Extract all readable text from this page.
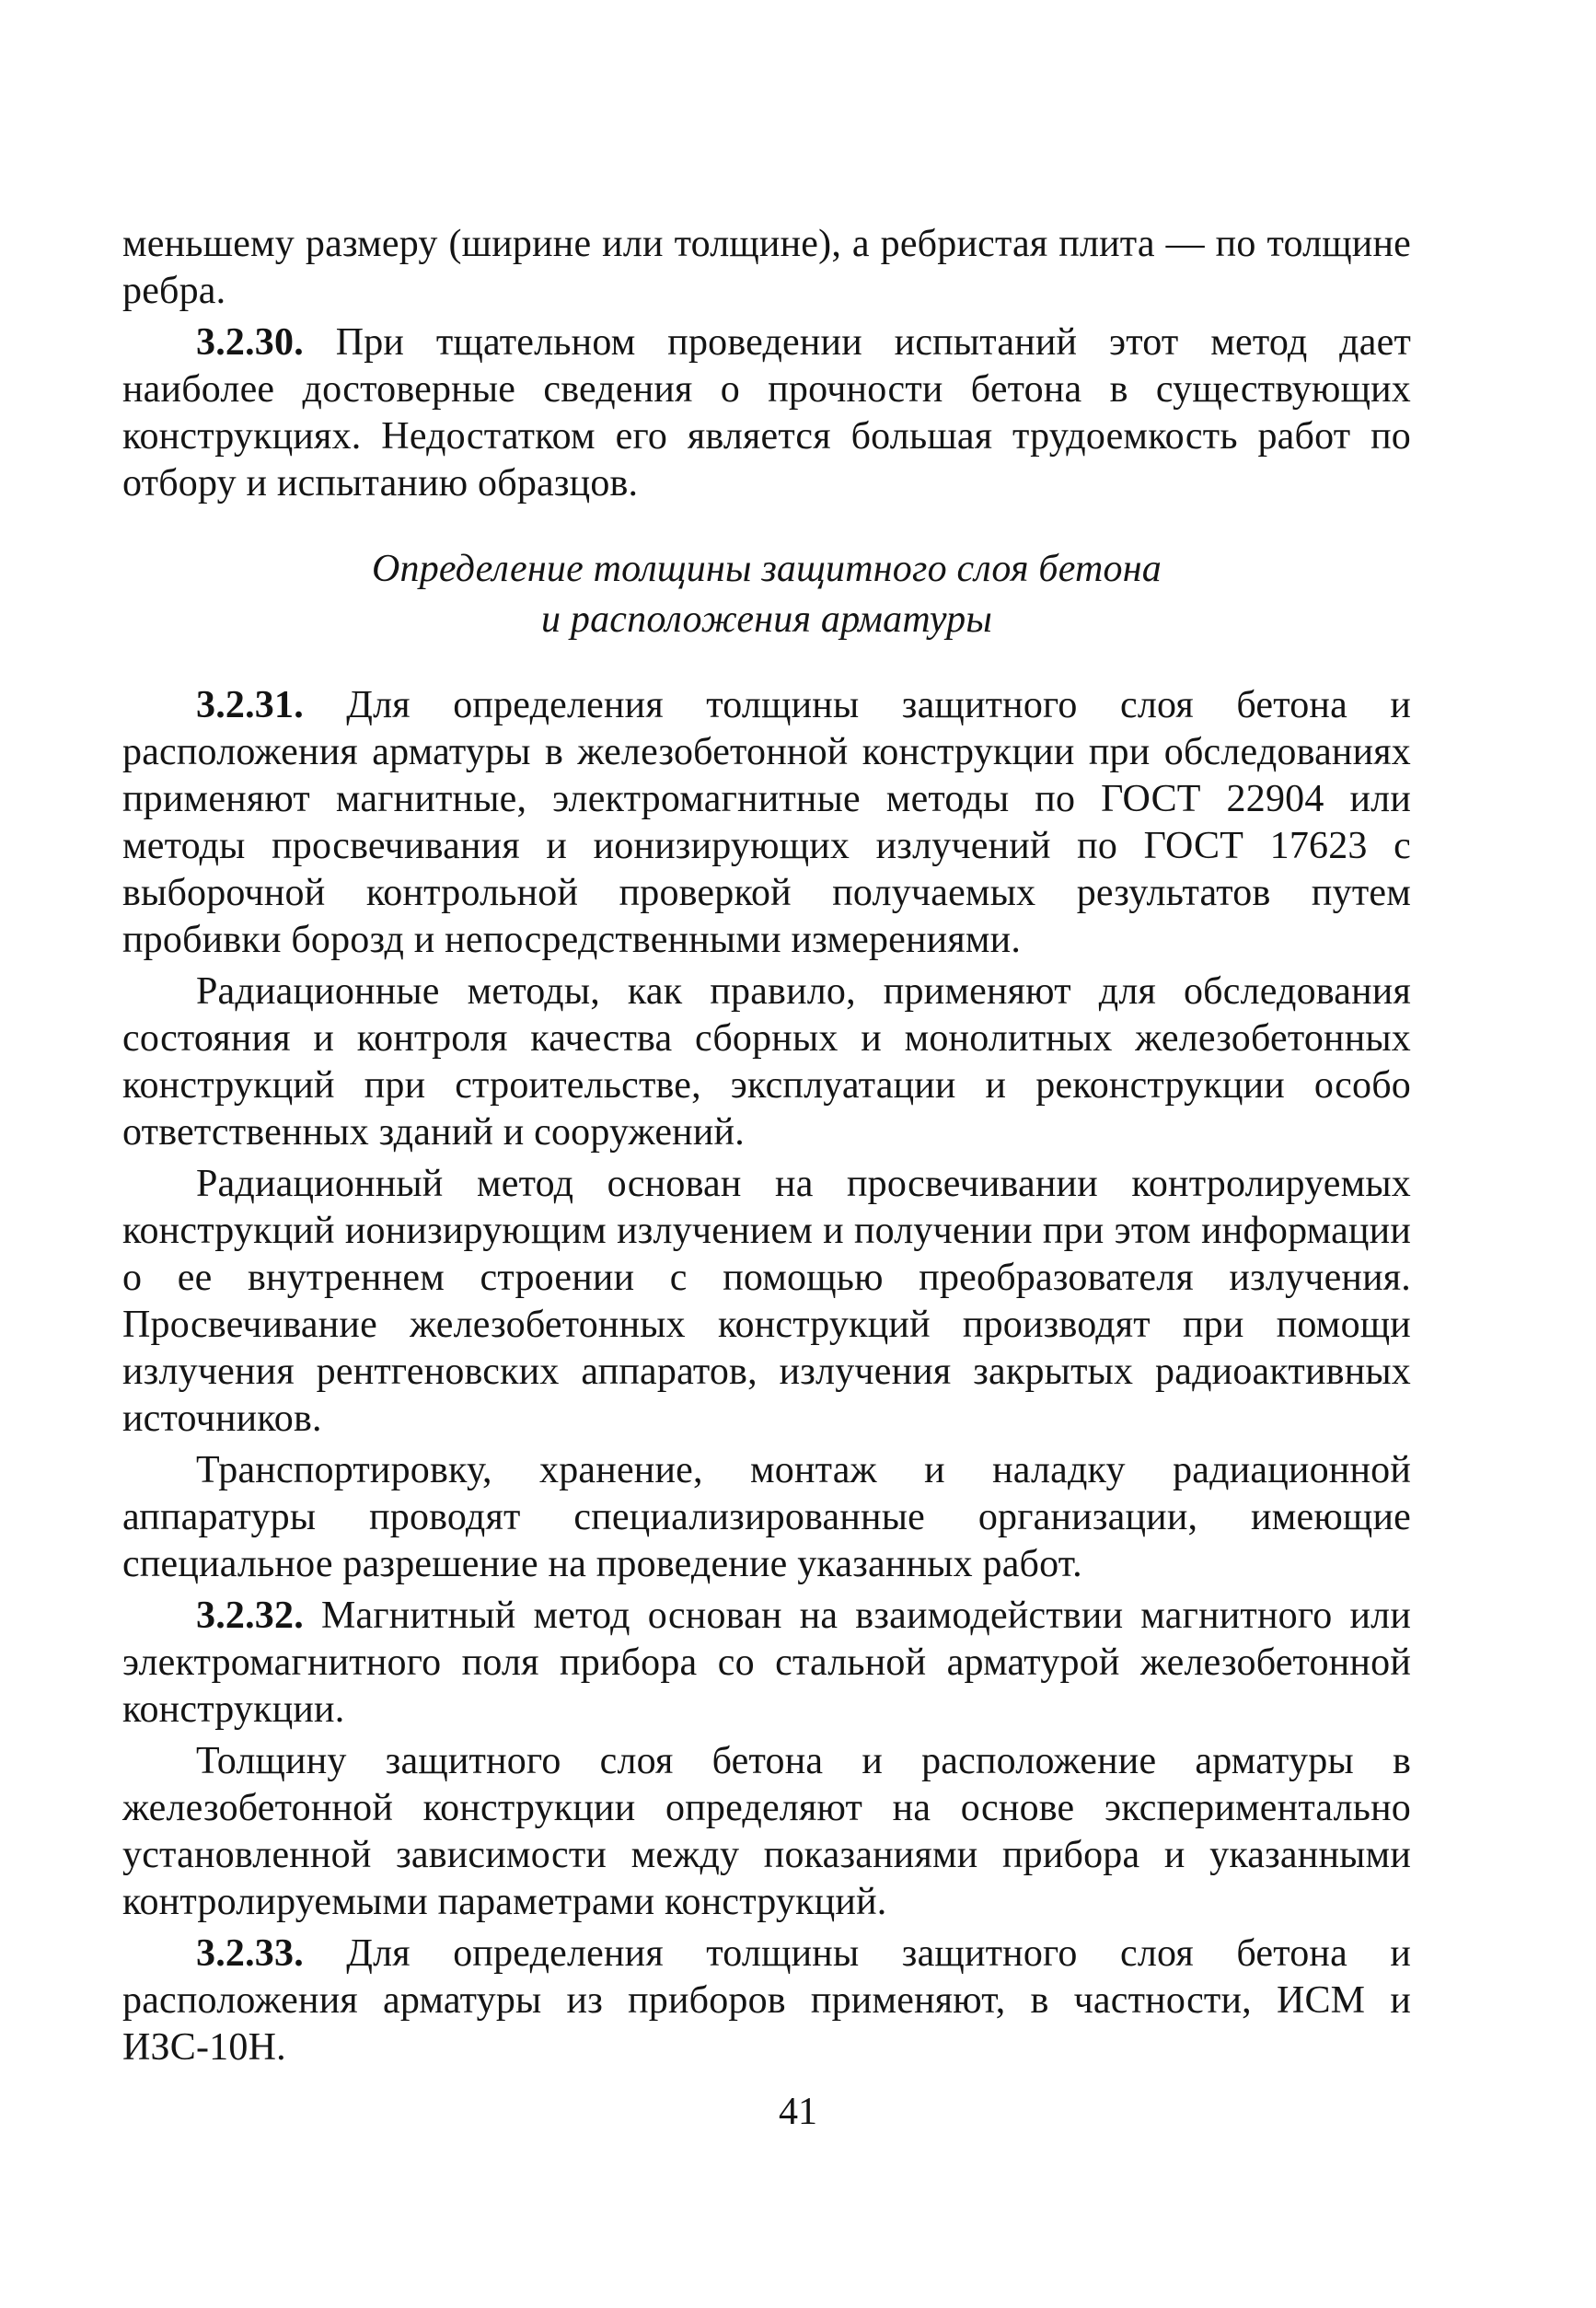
меньшему размеру (ширине или толщине), а ребристая плита — по толщине ребра.

3.2.30. При тщательном проведении испытаний этот метод дает наиболее достоверные сведения о прочности бетона в существующих конструкциях. Недостатком его является большая трудоемкость работ по отбору и испытанию образцов.

Определение толщины защитного слоя бетона
и расположения арматуры

3.2.31. Для определения толщины защитного слоя бетона и расположения арматуры в железобетонной конструкции при обследованиях применяют магнитные, электромагнитные методы по ГОСТ 22904 или методы просвечивания и ионизирующих излучений по ГОСТ 17623 с выборочной контрольной проверкой получаемых результатов путем пробивки борозд и непосредственными измерениями.

Радиационные методы, как правило, применяют для обследования состояния и контроля качества сборных и монолитных железобетонных конструкций при строительстве, эксплуатации и реконструкции особо ответственных зданий и сооружений.

Радиационный метод основан на просвечивании контролируемых конструкций ионизирующим излучением и получении при этом информации о ее внутреннем строении с помощью преобразователя излучения. Просвечивание железобетонных конструкций производят при помощи излучения рентгеновских аппаратов, излучения закрытых радиоактивных источников.

Транспортировку, хранение, монтаж и наладку радиационной аппаратуры проводят специализированные организации, имеющие специальное разрешение на проведение указанных работ.

3.2.32. Магнитный метод основан на взаимодействии магнитного или электромагнитного поля прибора со стальной арматурой железобетонной конструкции.

Толщину защитного слоя бетона и расположение арматуры в железобетонной конструкции определяют на основе экспериментально установленной зависимости между показаниями прибора и указанными контролируемыми параметрами конструкций.

3.2.33. Для определения толщины защитного слоя бетона и расположения арматуры из приборов применяют, в частности, ИСМ и ИЗС-10Н.

41
